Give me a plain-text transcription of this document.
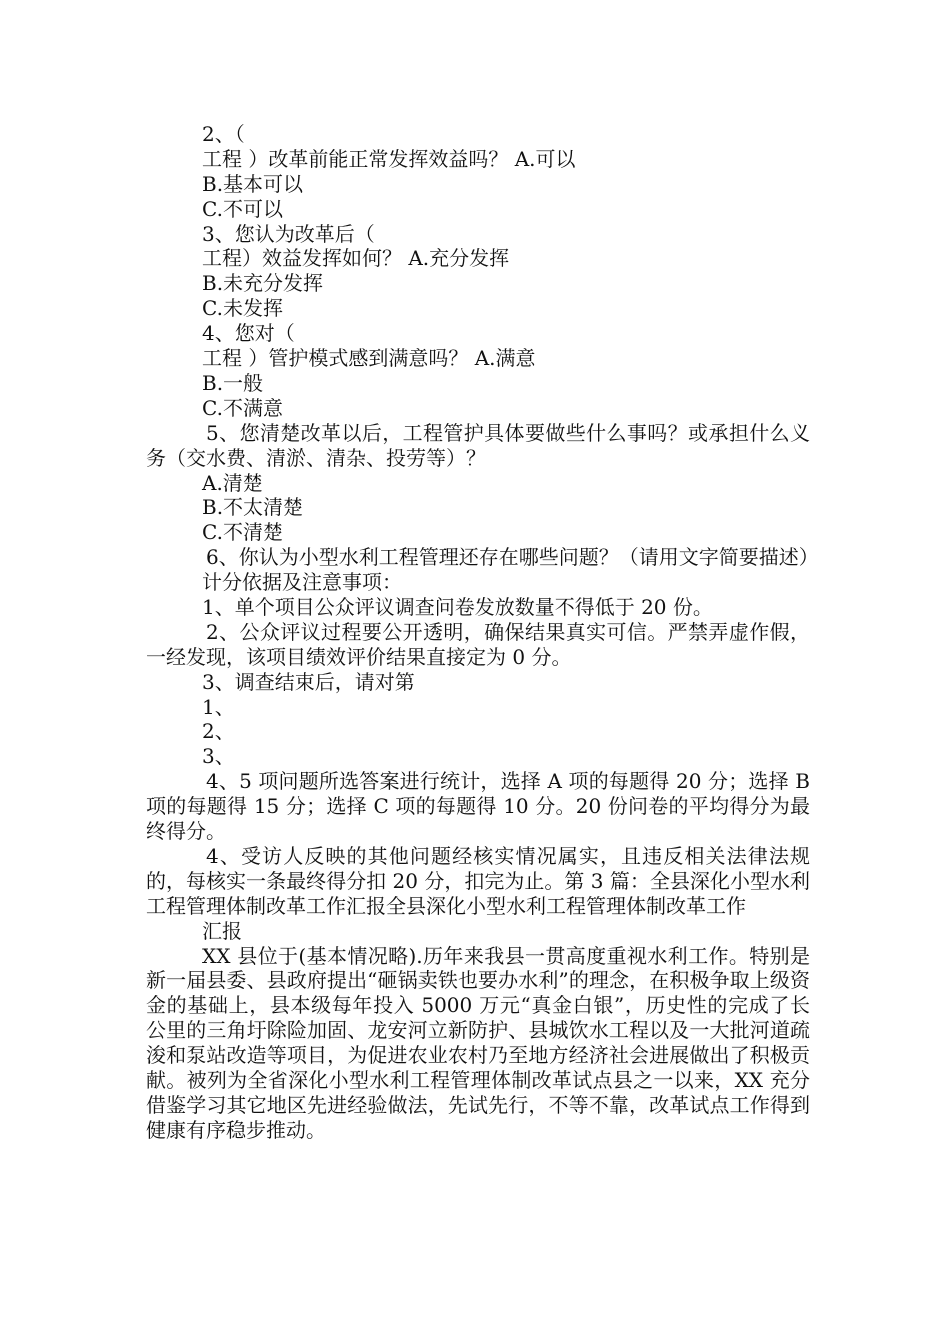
2、（
工程 ）改革前能正常发挥效益吗？ A.可以
B.基本可以
C.不可以
3、您认为改革后（
工程）效益发挥如何？ A.充分发挥
B.未充分发挥
C.未发挥
4、您对（
工程 ）管护模式感到满意吗？ A.满意
B.一般
C.不满意
5、您清楚改革以后，工程管护具体要做些什么事吗？或承担什么义务（交水费、清淤、清杂、投劳等）？
A.清楚
B.不太清楚
C.不清楚
6、你认为小型水利工程管理还存在哪些问题？（请用文字简要描述）
计分依据及注意事项：
1、单个项目公众评议调查问卷发放数量不得低于 20 份。
2、公众评议过程要公开透明，确保结果真实可信。严禁弄虚作假，一经发现，该项目绩效评价结果直接定为 0 分。
3、调查结束后，请对第
1、
2、
3、
4、5 项问题所选答案进行统计，选择 A 项的每题得 20 分；选择 B 项的每题得 15 分；选择 C 项的每题得 10 分。20 份问卷的平均得分为最终得分。
4、受访人反映的其他问题经核实情况属实，且违反相关法律法规的，每核实一条最终得分扣 20 分，扣完为止。第 3 篇：全县深化小型水利工程管理体制改革工作汇报全县深化小型水利工程管理体制改革工作
汇报
XX 县位于(基本情况略).历年来我县一贯高度重视水利工作。特别是新一届县委、县政府提出“砸锅卖铁也要办水利”的理念，在积极争取上级资金的基础上，县本级每年投入 5000 万元“真金白银”，历史性的完成了长公里的三角圩除险加固、龙安河立新防护、县城饮水工程以及一大批河道疏浚和泵站改造等项目，为促进农业农村乃至地方经济社会进展做出了积极贡献。被列为全省深化小型水利工程管理体制改革试点县之一以来，XX 充分借鉴学习其它地区先进经验做法，先试先行，不等不靠，改革试点工作得到健康有序稳步推动。
